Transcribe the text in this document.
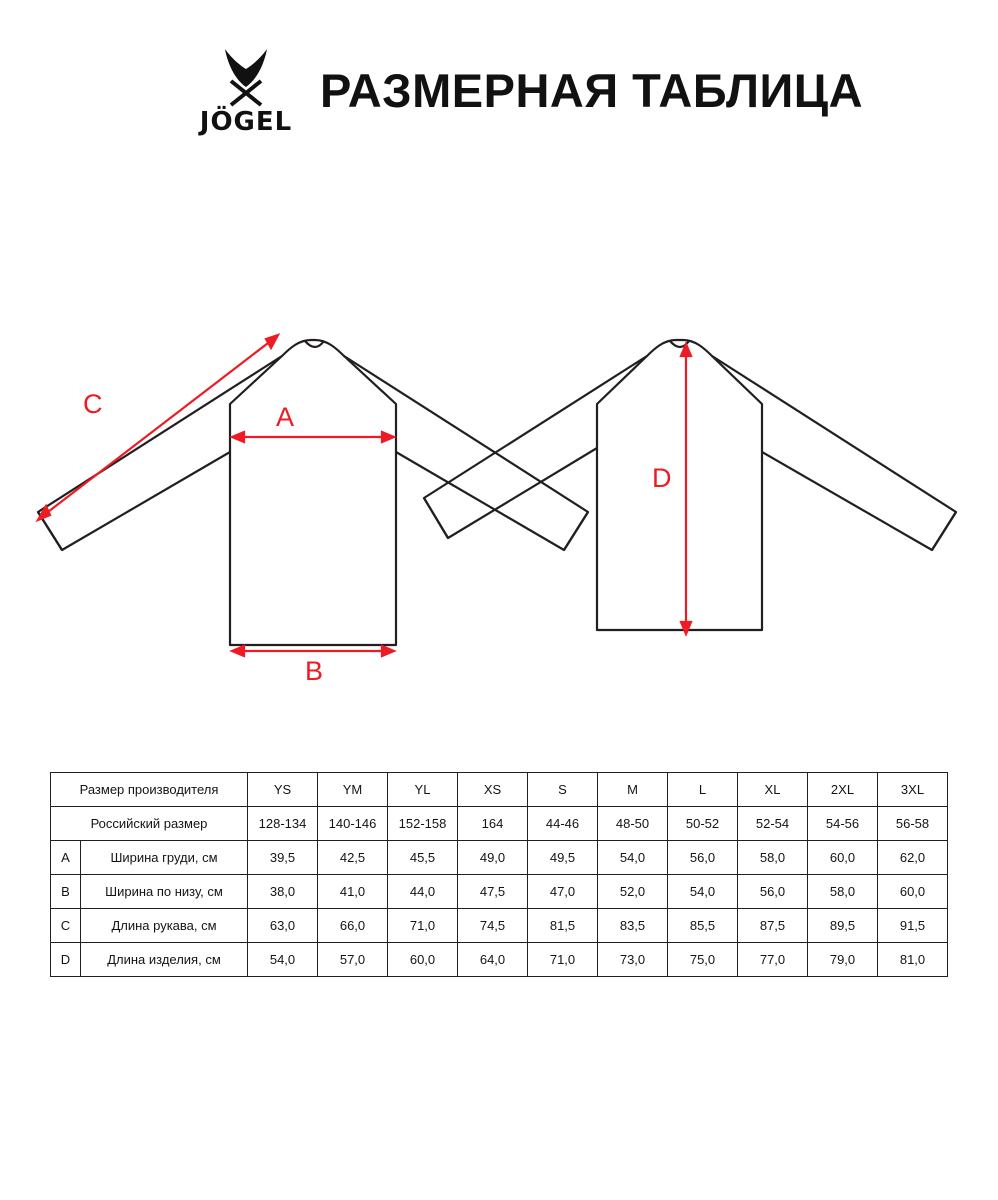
JÖGEL
РАЗМЕРНАЯ ТАБЛИЦА
A
B
C
D
Размер производителя		YS	YM	YL	XS	S	M	L	XL	2XL	3XL
Российский размер		128-134	140-146	152-158	164	44-46	48-50	50-52	52-54	54-56	56-58
A	Ширина груди, см	39,5	42,5	45,5	49,0	49,5	54,0	56,0	58,0	60,0	62,0
B	Ширина по низу, см	38,0	41,0	44,0	47,5	47,0	52,0	54,0	56,0	58,0	60,0
C	Длина рукава, см	63,0	66,0	71,0	74,5	81,5	83,5	85,5	87,5	89,5	91,5
D	Длина изделия, см	54,0	57,0	60,0	64,0	71,0	73,0	75,0	77,0	79,0	81,0
